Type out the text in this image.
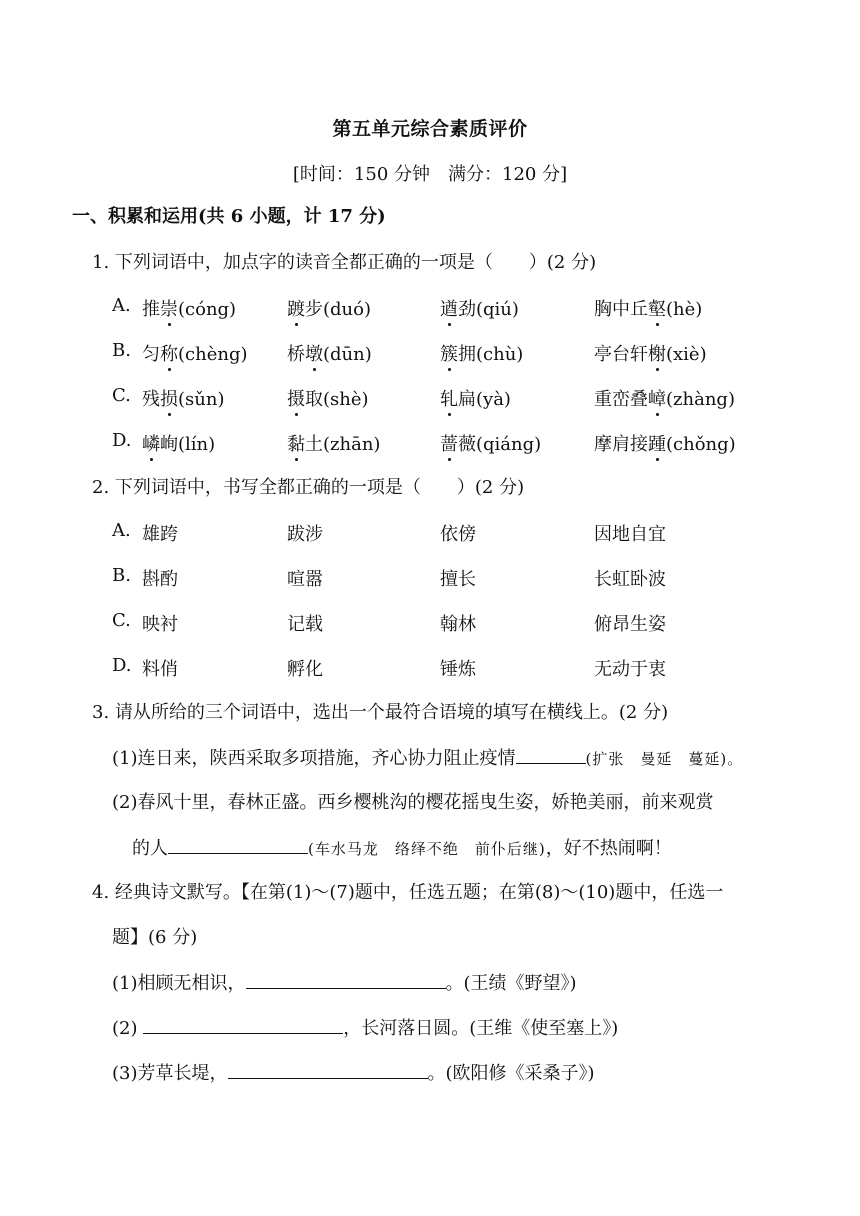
第五单元综合素质评价
[时间：150 分钟　满分：120 分]
一、积累和运用(共 6 小题，计 17 分)
1. 下列词语中，加点字的读音全都正确的一项是（　　）(2 分)
A. 推崇(cóng)	踱步(duó)	遒劲(qiú)	胸中丘壑(hè)
B. 匀称(chèng) 桥墩(dūn)	簇拥(chù)	亭台轩榭(xiè)
C. 残损(sǔn)	摄取(shè)	轧扁(yà)	重峦叠嶂(zhàng)
D. 嶙峋(lín)	黏土(zhān)	蔷薇(qiáng)	摩肩接踵(chǒng)
2. 下列词语中，书写全都正确的一项是（　　）(2 分)
A. 雄跨	跋涉	依傍	因地自宜
B. 斟酌	喧嚣	擅长	长虹卧波
C. 映衬	记载	翰林	俯昂生姿
D. 料俏	孵化	锤炼	无动于衷
3. 请从所给的三个词语中，选出一个最符合语境的填写在横线上。(2 分)
(1)连日来，陕西采取多项措施，齐心协力阻止疫情	(扩张　曼延　蔓延)。
(2)春风十里，春林正盛。西乡樱桃沟的樱花摇曳生姿，娇艳美丽，前来观赏
的人	(车水马龙　络绎不绝　前仆后继)，好不热闹啊！
4. 经典诗文默写。【在第(1)～(7)题中，任选五题；在第(8)～(10)题中，任选一
题】(6 分)
(1)相顾无相识，	。(王绩《野望》)
(2)	，长河落日圆。(王维《使至塞上》)
(3)芳草长堤，	。(欧阳修《采桑子》)
